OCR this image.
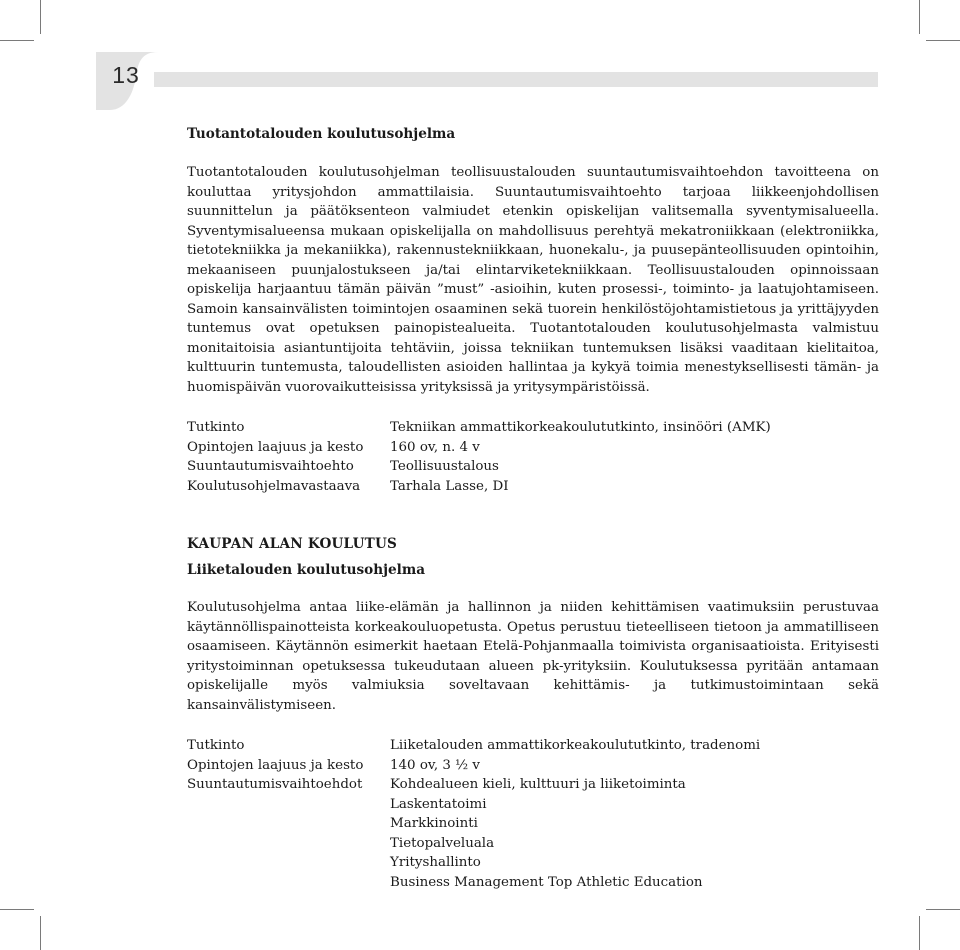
13
Tuotantotalouden koulutusohjelma

Tuotantotalouden koulutusohjelman teollisuustalouden suuntautumisvaihtoehdon tavoitteena on kouluttaa yritysjohdon ammattilaisia. Suuntautumisvaihtoehto tarjoaa liikkeenjohdollisen suunnittelun ja päätöksenteon valmiudet etenkin opiskelijan valitsemalla syventymisalueella. Syventymisalueensa mukaan opiskelijalla on mahdollisuus perehtyä mekatroniikkaan (elektroniikka, tietotekniikka ja mekaniikka), rakennustekniikkaan, huonekalu-, ja puusepänteollisuuden opintoihin, mekaaniseen puunjalostukseen ja/tai elintarviketekniikkaan. Teollisuustalouden opinnoissaan opiskelija harjaantuu tämän päivän ”must” -asioihin, kuten prosessi-, toiminto- ja laatujohtamiseen. Samoin kansainvälisten toimintojen osaaminen sekä tuorein henkilöstöjohtamistietous ja yrittäjyyden tuntemus ovat opetuksen painopistealueita. Tuotantotalouden koulutusohjelmasta valmistuu monitaitoisia asiantuntijoita tehtäviin, joissa tekniikan tuntemuksen lisäksi vaaditaan kielitaitoa, kulttuurin tuntemusta, taloudellisten asioiden hallintaa ja kykyä toimia menestyksellisesti tämän- ja huomispäivän vuorovaikutteisissa yrityksissä ja yritysympäristöissä.

Tutkinto	Tekniikan ammattikorkeakoulututkinto, insinööri (AMK)
Opintojen laajuus ja kesto	160 ov, n. 4 v
Suuntautumisvaihtoehto	Teollisuustalous
Koulutusohjelmavastaava	Tarhala Lasse, DI
KAUPAN ALAN KOULUTUS
Liiketalouden koulutusohjelma

Koulutusohjelma antaa liike-elämän ja hallinnon ja niiden kehittämisen vaatimuksiin perustuvaa käytännöllispainotteista korkeakouluopetusta. Opetus perustuu tieteelliseen tietoon ja ammatilliseen osaamiseen. Käytännön esimerkit haetaan Etelä-Pohjanmaalla toimivista organisaatioista. Erityisesti yritystoiminnan opetuksessa tukeudutaan alueen pk-yrityksiin. Koulutuksessa pyritään antamaan opiskelijalle myös valmiuksia soveltavaan kehittämis- ja tutkimustoimintaan sekä kansainvälistymiseen.

Tutkinto	Liiketalouden ammattikorkeakoulututkinto, tradenomi
Opintojen laajuus ja kesto	140 ov, 3 ½ v
Suuntautumisvaihtoehdot	Kohdealueen kieli, kulttuuri ja liiketoiminta
	Laskentatoimi
	Markkinointi
	Tietopalveluala
	Yrityshallinto
	Business Management Top Athletic Education
